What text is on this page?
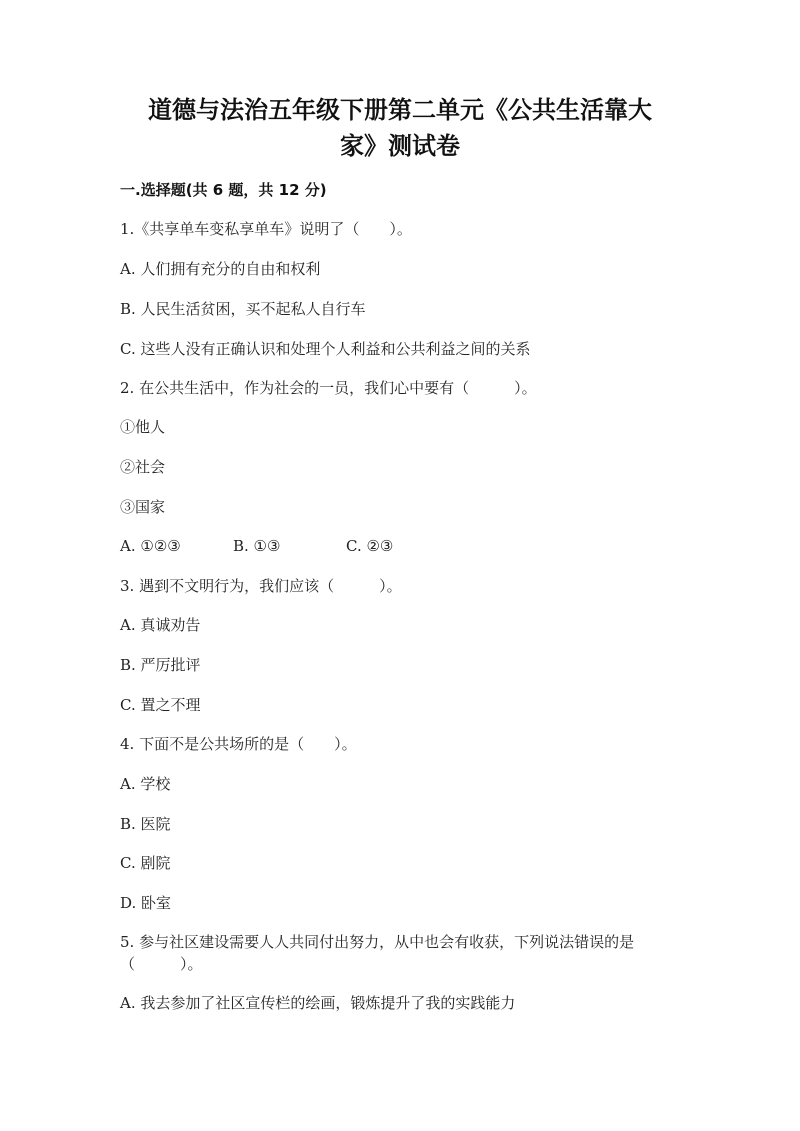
道德与法治五年级下册第二单元《公共生活靠大
家》测试卷
一.选择题(共 6 题，共 12 分)
1.《共享单车变私享单车》说明了（　　）。
A. 人们拥有充分的自由和权利
B. 人民生活贫困，买不起私人自行车
C. 这些人没有正确认识和处理个人利益和公共利益之间的关系
2. 在公共生活中，作为社会的一员，我们心中要有（　　　）。
①他人
②社会
③国家
A. ①②③	B. ①③	C. ②③
3. 遇到不文明行为，我们应该（　　　）。
A. 真诚劝告
B. 严厉批评
C. 置之不理
4. 下面不是公共场所的是（　　）。
A. 学校
B. 医院
C. 剧院
D. 卧室
5. 参与社区建设需要人人共同付出努力，从中也会有收获，下列说法错误的是
（　　　）。
A. 我去参加了社区宣传栏的绘画，锻炼提升了我的实践能力
